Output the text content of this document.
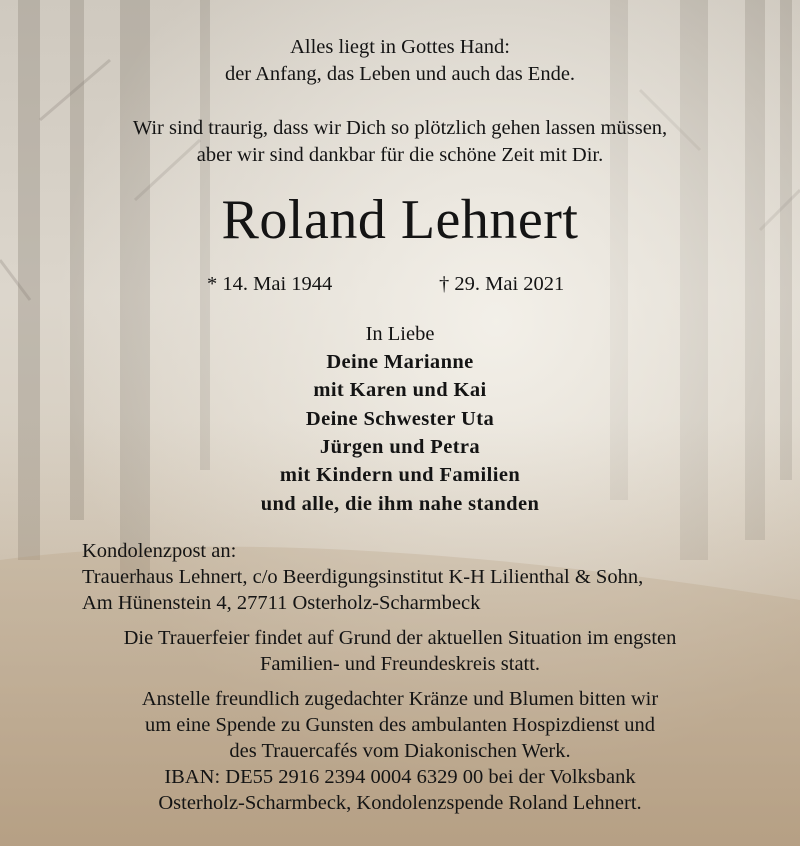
Alles liegt in Gottes Hand:
der Anfang, das Leben und auch das Ende.
Wir sind traurig, dass wir Dich so plötzlich gehen lassen müssen,
aber wir sind dankbar für die schöne Zeit mit Dir.
Roland Lehnert
* 14. Mai 1944	† 29. Mai 2021
In Liebe
Deine Marianne
mit Karen und Kai
Deine Schwester Uta
Jürgen und Petra
mit Kindern und Familien
und alle, die ihm nahe standen
Kondolenzpost an:
Trauerhaus Lehnert, c/o Beerdigungsinstitut K-H Lilienthal & Sohn,
Am Hünenstein 4, 27711 Osterholz-Scharmbeck
Die Trauerfeier findet auf Grund der aktuellen Situation im engsten
Familien- und Freundeskreis statt.
Anstelle freundlich zugedachter Kränze und Blumen bitten wir
um eine Spende zu Gunsten des ambulanten Hospizdienst und
des Trauercafés vom Diakonischen Werk.
IBAN: DE55 2916 2394 0004 6329 00 bei der Volksbank
Osterholz-Scharmbeck, Kondolenzspende Roland Lehnert.
